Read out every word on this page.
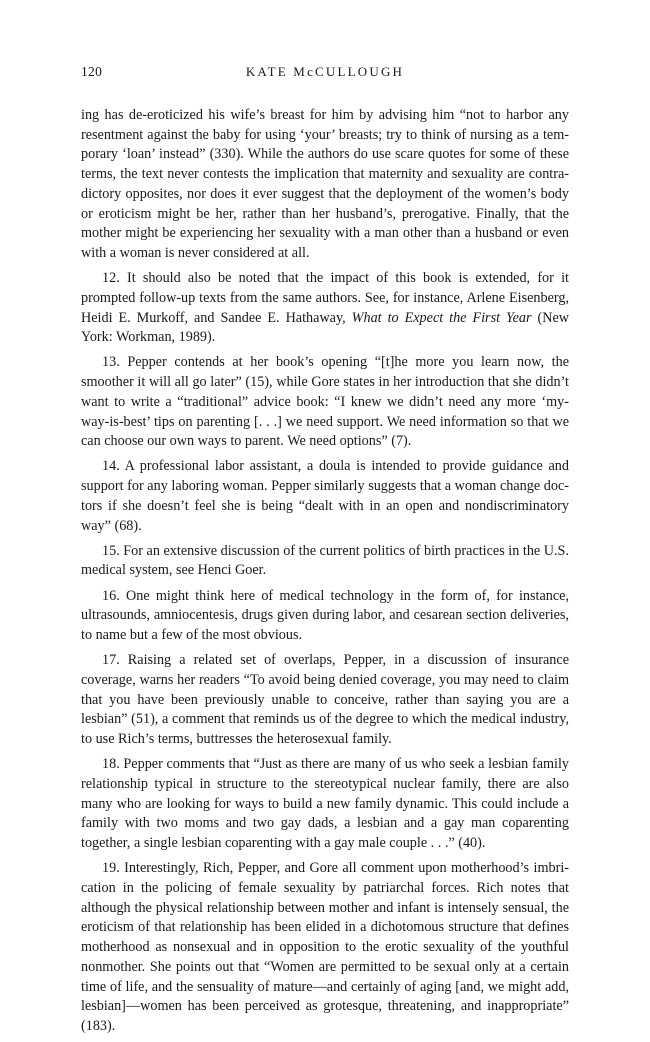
120	KATE McCULLOUGH

ing has de-eroticized his wife’s breast for him by advising him “not to harbor any resentment against the baby for using ‘your’ breasts; try to think of nursing as a temporary ‘loan’ instead” (330). While the authors do use scare quotes for some of these terms, the text never contests the implication that maternity and sexuality are contradictory opposites, nor does it ever suggest that the deployment of the women’s body or eroticism might be her, rather than her husband’s, prerogative. Finally, that the mother might be experiencing her sexuality with a man other than a husband or even with a woman is never considered at all.

12. It should also be noted that the impact of this book is extended, for it prompted follow-up texts from the same authors. See, for instance, Arlene Eisenberg, Heidi E. Murkoff, and Sandee E. Hathaway, What to Expect the First Year (New York: Workman, 1989).

13. Pepper contends at her book’s opening “[t]he more you learn now, the smoother it will all go later” (15), while Gore states in her introduction that she didn’t want to write a “traditional” advice book: “I knew we didn’t need any more ‘my-way-is-best’ tips on parenting [. . .] we need support. We need information so that we can choose our own ways to parent. We need options” (7).

14. A professional labor assistant, a doula is intended to provide guidance and support for any laboring woman. Pepper similarly suggests that a woman change doctors if she doesn’t feel she is being “dealt with in an open and nondiscriminatory way” (68).

15. For an extensive discussion of the current politics of birth practices in the U.S. medical system, see Henci Goer.

16. One might think here of medical technology in the form of, for instance, ultrasounds, amniocentesis, drugs given during labor, and cesarean section deliveries, to name but a few of the most obvious.

17. Raising a related set of overlaps, Pepper, in a discussion of insurance coverage, warns her readers “To avoid being denied coverage, you may need to claim that you have been previously unable to conceive, rather than saying you are a lesbian” (51), a comment that reminds us of the degree to which the medical industry, to use Rich’s terms, buttresses the heterosexual family.

18. Pepper comments that “Just as there are many of us who seek a lesbian family relationship typical in structure to the stereotypical nuclear family, there are also many who are looking for ways to build a new family dynamic. This could include a family with two moms and two gay dads, a lesbian and a gay man coparenting together, a single lesbian coparenting with a gay male couple . . .” (40).

19. Interestingly, Rich, Pepper, and Gore all comment upon motherhood’s imbrication in the policing of female sexuality by patriarchal forces. Rich notes that although the physical relationship between mother and infant is intensely sensual, the eroticism of that relationship has been elided in a dichotomous structure that defines motherhood as nonsexual and in opposition to the erotic sexuality of the youthful nonmother. She points out that “Women are permitted to be sexual only at a certain time of life, and the sensuality of mature—and certainly of aging [and, we might add, lesbian]—women has been perceived as grotesque, threatening, and inappropriate” (183).
